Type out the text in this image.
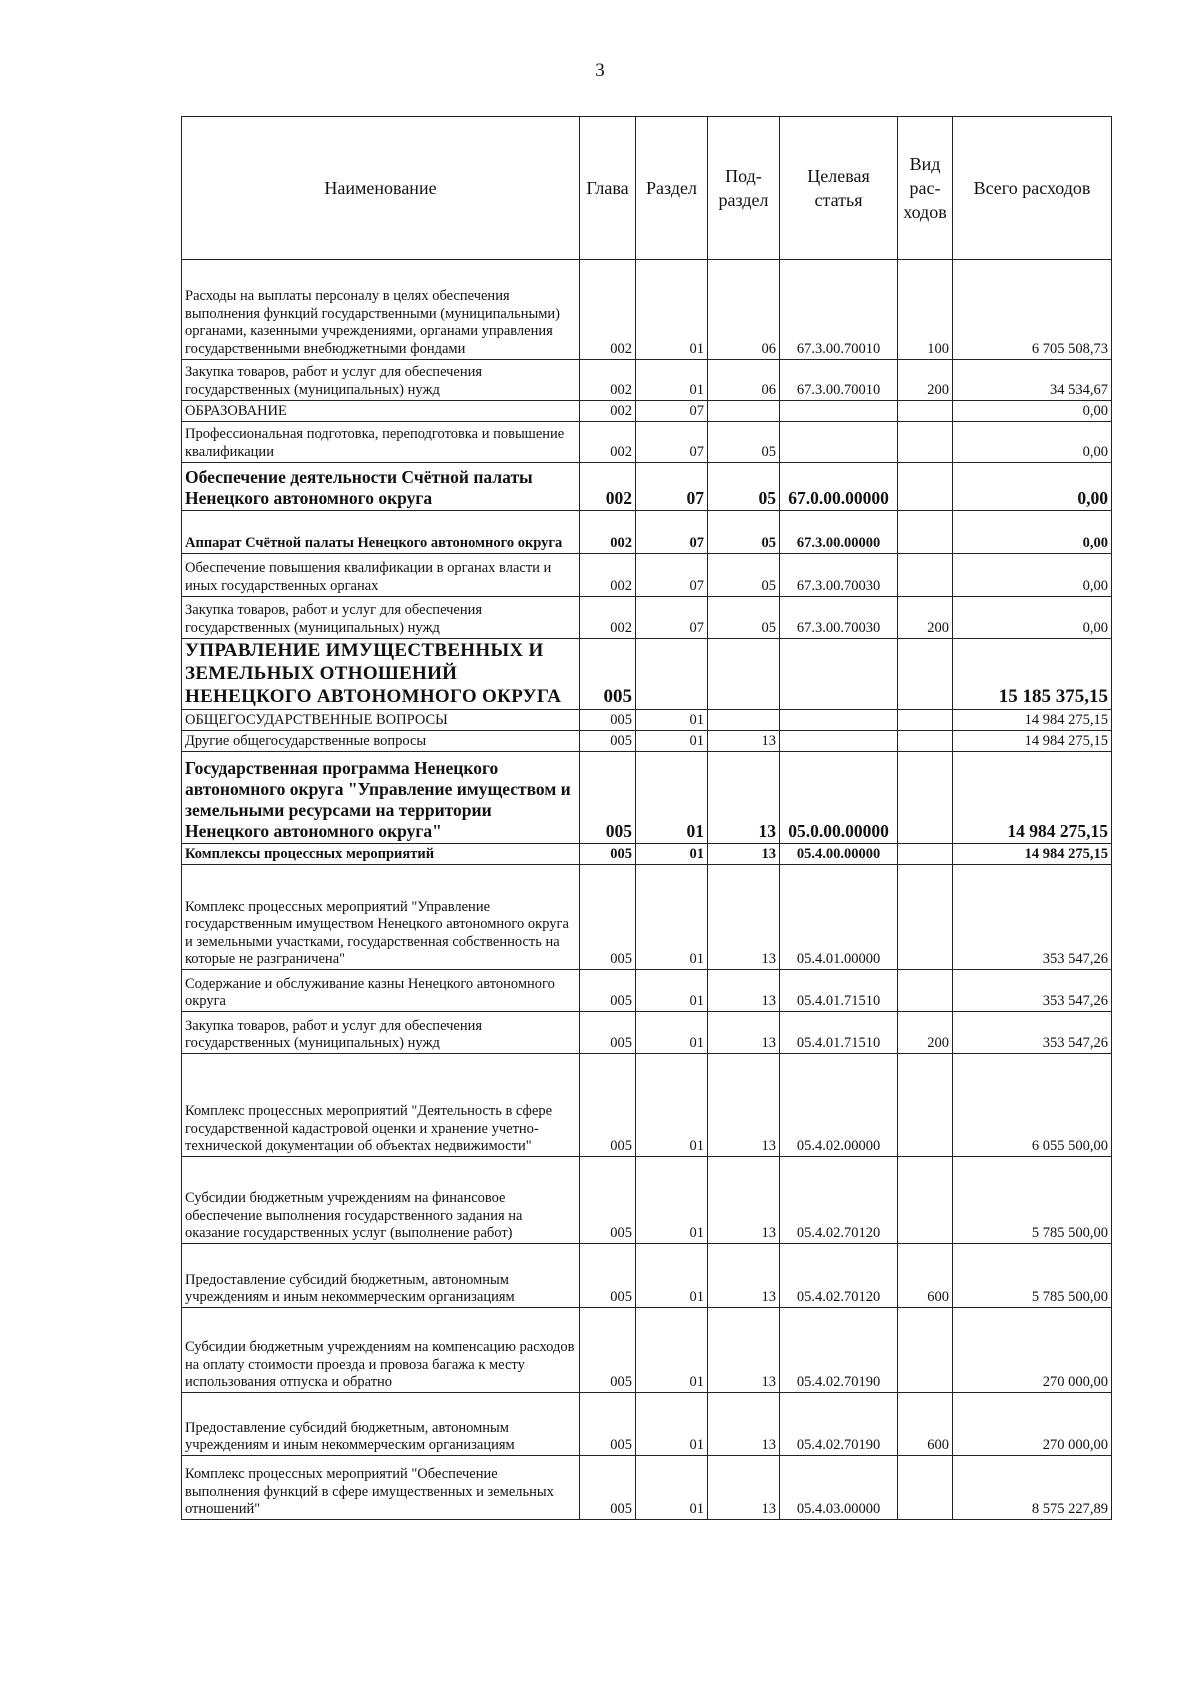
3
Наименование	Глава	Раздел	Под-раздел	Целевая статья	Вид рас-ходов	Всего расходов
Расходы на выплаты персоналу в целях обеспечения выполнения функций государственными (муниципальными) органами, казенными учреждениями, органами управления государственными внебюджетными фондами	002	01	06	67.3.00.70010	100	6 705 508,73
Закупка товаров, работ и услуг для обеспечения государственных (муниципальных) нужд	002	01	06	67.3.00.70010	200	34 534,67
ОБРАЗОВАНИЕ	002	07				0,00
Профессиональная подготовка, переподготовка и повышение квалификации	002	07	05			0,00
Обеспечение деятельности Счётной палаты Ненецкого автономного округа	002	07	05	67.0.00.00000		0,00
Аппарат Счётной палаты Ненецкого автономного округа	002	07	05	67.3.00.00000		0,00
Обеспечение повышения квалификации в органах власти и иных государственных органах	002	07	05	67.3.00.70030		0,00
Закупка товаров, работ и услуг для обеспечения государственных (муниципальных) нужд	002	07	05	67.3.00.70030	200	0,00
УПРАВЛЕНИЕ ИМУЩЕСТВЕННЫХ И ЗЕМЕЛЬНЫХ ОТНОШЕНИЙ НЕНЕЦКОГО АВТОНОМНОГО ОКРУГА	005					15 185 375,15
ОБЩЕГОСУДАРСТВЕННЫЕ ВОПРОСЫ	005	01				14 984 275,15
Другие общегосударственные вопросы	005	01	13			14 984 275,15
Государственная программа Ненецкого автономного округа "Управление имуществом и земельными ресурсами на территории Ненецкого автономного округа"	005	01	13	05.0.00.00000		14 984 275,15
Комплексы процессных мероприятий	005	01	13	05.4.00.00000		14 984 275,15
Комплекс процессных мероприятий "Управление государственным имуществом Ненецкого автономного округа и земельными участками, государственная собственность на которые не разграничена"	005	01	13	05.4.01.00000		353 547,26
Содержание и обслуживание казны Ненецкого автономного округа	005	01	13	05.4.01.71510		353 547,26
Закупка товаров, работ и услуг для обеспечения государственных (муниципальных) нужд	005	01	13	05.4.01.71510	200	353 547,26
Комплекс процессных мероприятий "Деятельность в сфере государственной кадастровой оценки и хранение учетно-технической документации об объектах недвижимости"	005	01	13	05.4.02.00000		6 055 500,00
Субсидии бюджетным учреждениям на финансовое обеспечение выполнения государственного задания на оказание государственных услуг (выполнение работ)	005	01	13	05.4.02.70120		5 785 500,00
Предоставление субсидий бюджетным, автономным учреждениям и иным некоммерческим организациям	005	01	13	05.4.02.70120	600	5 785 500,00
Субсидии бюджетным учреждениям на компенсацию расходов на оплату стоимости проезда и провоза багажа к месту использования отпуска и обратно	005	01	13	05.4.02.70190		270 000,00
Предоставление субсидий бюджетным, автономным учреждениям и иным некоммерческим организациям	005	01	13	05.4.02.70190	600	270 000,00
Комплекс процессных мероприятий "Обеспечение выполнения функций в сфере имущественных и земельных отношений"	005	01	13	05.4.03.00000		8 575 227,89
